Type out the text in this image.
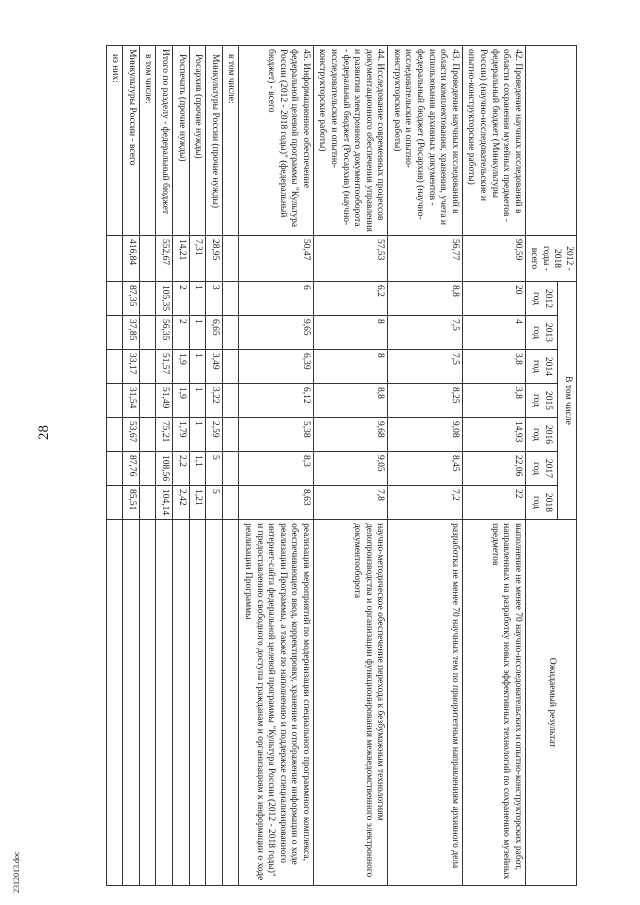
28
2312013.doc
	2012 - 2018 годы - всего	В том числе							Ожидаемый результат
		2012 год	2013 год	2014 год	2015 год	2016 год	2017 год	2018 год	
42. Проведение научных исследований в области сохранения музейных предметов - федеральный бюджет (Минкультуры России) (научно-исследовательские и опытно-конструкторские работы)	90,59	20	4	3,8	3,8	14,93	22,06	22	выполнение не менее 70 научно-исследовательских и опытно-конструкторских работ, направленных на разработку новых эффективных технологий по сохранению музейных предметов
43. Проведение научных исследований в области комплектования, хранения, учета и использования архивных документов - федеральный бюджет (Росархив) (научно-исследовательские и опытно-конструкторские работы)	56,77	8,8	7,5	7,5	8,25	9,08	8,45	7,2	разработка не менее 70 научных тем по приоритетным направлениям архивного дела
44. Исследование современных процессов документационного обеспечения управления и развития электронного документооборота - федеральный бюджет (Росархив) (научно-исследовательские и опытно-конструкторские работы)	57,53	6,2	8	8	8,8	9,68	9,05	7,8	научно-методическое обеспечение перехода к безбумажным технологиям делопроизводства и организации функционирования межведомственного электронного документооборота
45. Информационное обеспечение федеральной целевой программы "Культура России (2012 - 2018 годы)" (федеральный бюджет) - всего	50,47	6	9,65	6,39	6,12	5,38	8,3	8,63	реализация мероприятий по модернизации специального программного комплекса, обеспечивающего ввод, корректировку, хранение и отображение информации о ходе реализации Программы, а также по наполнению и поддержке специализированного интернет-сайта федеральной целевой программы "Культура России (2012 - 2018 годы)" и предоставлению свободного доступа гражданам и организациям к информации о ходе реализации Программы
в том числе:									
Минкультуры России (прочие нужды)	28,95	3	6,65	3,49	3,22	2,59	5	5	
Росархив (прочие нужды)	7,31	1	1	1	1	1	1,1	1,21	
Роспечать (прочие нужды)	14,21	2	2	1,9	1,9	1,79	2,2	2,42	
Итого по разделу - федеральный бюджет	552,67	105,35	56,35	51,57	51,49	75,21	108,56	104,14	
в том числе:									
Минкультуры России - всего	416,84	87,35	37,85	33,17	31,54	53,67	87,76	85,51	
из них:									
